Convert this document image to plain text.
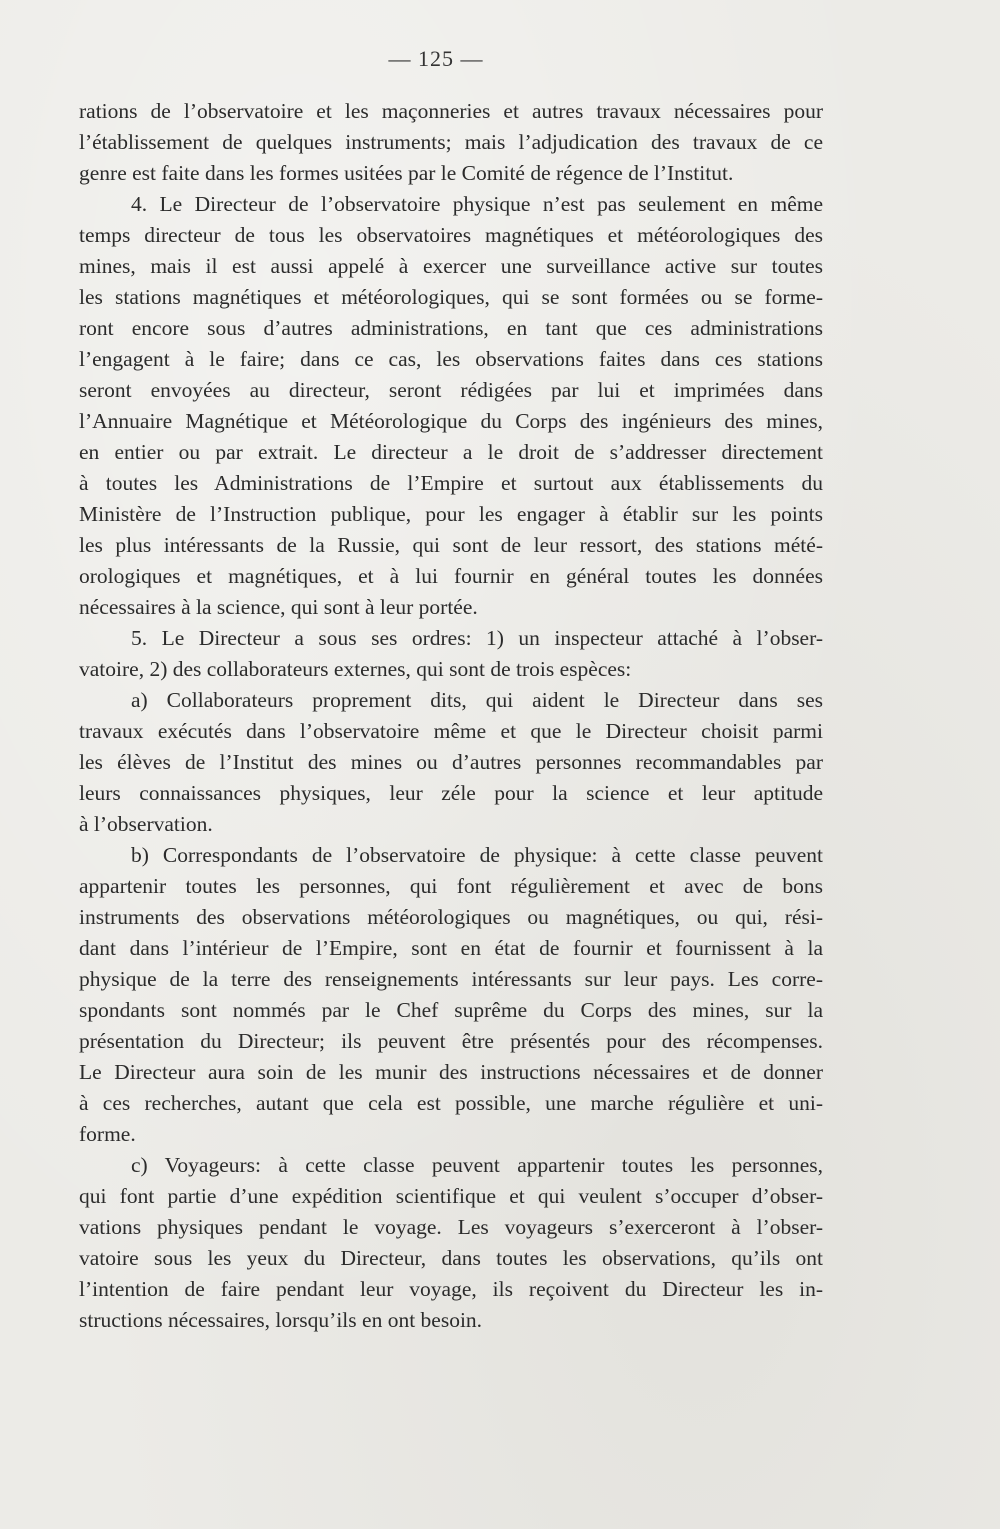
— 125 —
rations de l’observatoire et les maçonneries et autres travaux nécessaires pour
l’établissement de quelques instruments; mais l’adjudication des travaux de ce
genre est faite dans les formes usitées par le Comité de régence de l’Institut.
4. Le Directeur de l’observatoire physique n’est pas seulement en même
temps directeur de tous les observatoires magnétiques et météorologiques des
mines, mais il est aussi appelé à exercer une surveillance active sur toutes
les stations magnétiques et météorologiques, qui se sont formées ou se forme-
ront encore sous d’autres administrations, en tant que ces administrations
l’engagent à le faire; dans ce cas, les observations faites dans ces stations
seront envoyées au directeur, seront rédigées par lui et imprimées dans
l’Annuaire Magnétique et Météorologique du Corps des ingénieurs des mines,
en entier ou par extrait. Le directeur a le droit de s’addresser directement
à toutes les Administrations de l’Empire et surtout aux établissements du
Ministère de l’Instruction publique, pour les engager à établir sur les points
les plus intéressants de la Russie, qui sont de leur ressort, des stations mété-
orologiques et magnétiques, et à lui fournir en général toutes les données
nécessaires à la science, qui sont à leur portée.
5. Le Directeur a sous ses ordres: 1) un inspecteur attaché à l’obser-
vatoire, 2) des collaborateurs externes, qui sont de trois espèces:
a) Collaborateurs proprement dits, qui aident le Directeur dans ses
travaux exécutés dans l’observatoire même et que le Directeur choisit parmi
les élèves de l’Institut des mines ou d’autres personnes recommandables par
leurs connaissances physiques, leur zéle pour la science et leur aptitude
à l’observation.
b) Correspondants de l’observatoire de physique: à cette classe peuvent
appartenir toutes les personnes, qui font régulièrement et avec de bons
instruments des observations météorologiques ou magnétiques, ou qui, rési-
dant dans l’intérieur de l’Empire, sont en état de fournir et fournissent à la
physique de la terre des renseignements intéressants sur leur pays. Les corre-
spondants sont nommés par le Chef suprême du Corps des mines, sur la
présentation du Directeur; ils peuvent être présentés pour des récompenses.
Le Directeur aura soin de les munir des instructions nécessaires et de donner
à ces recherches, autant que cela est possible, une marche régulière et uni-
forme.
c) Voyageurs: à cette classe peuvent appartenir toutes les personnes,
qui font partie d’une expédition scientifique et qui veulent s’occuper d’obser-
vations physiques pendant le voyage. Les voyageurs s’exerceront à l’obser-
vatoire sous les yeux du Directeur, dans toutes les observations, qu’ils ont
l’intention de faire pendant leur voyage, ils reçoivent du Directeur les in-
structions nécessaires, lorsqu’ils en ont besoin.
